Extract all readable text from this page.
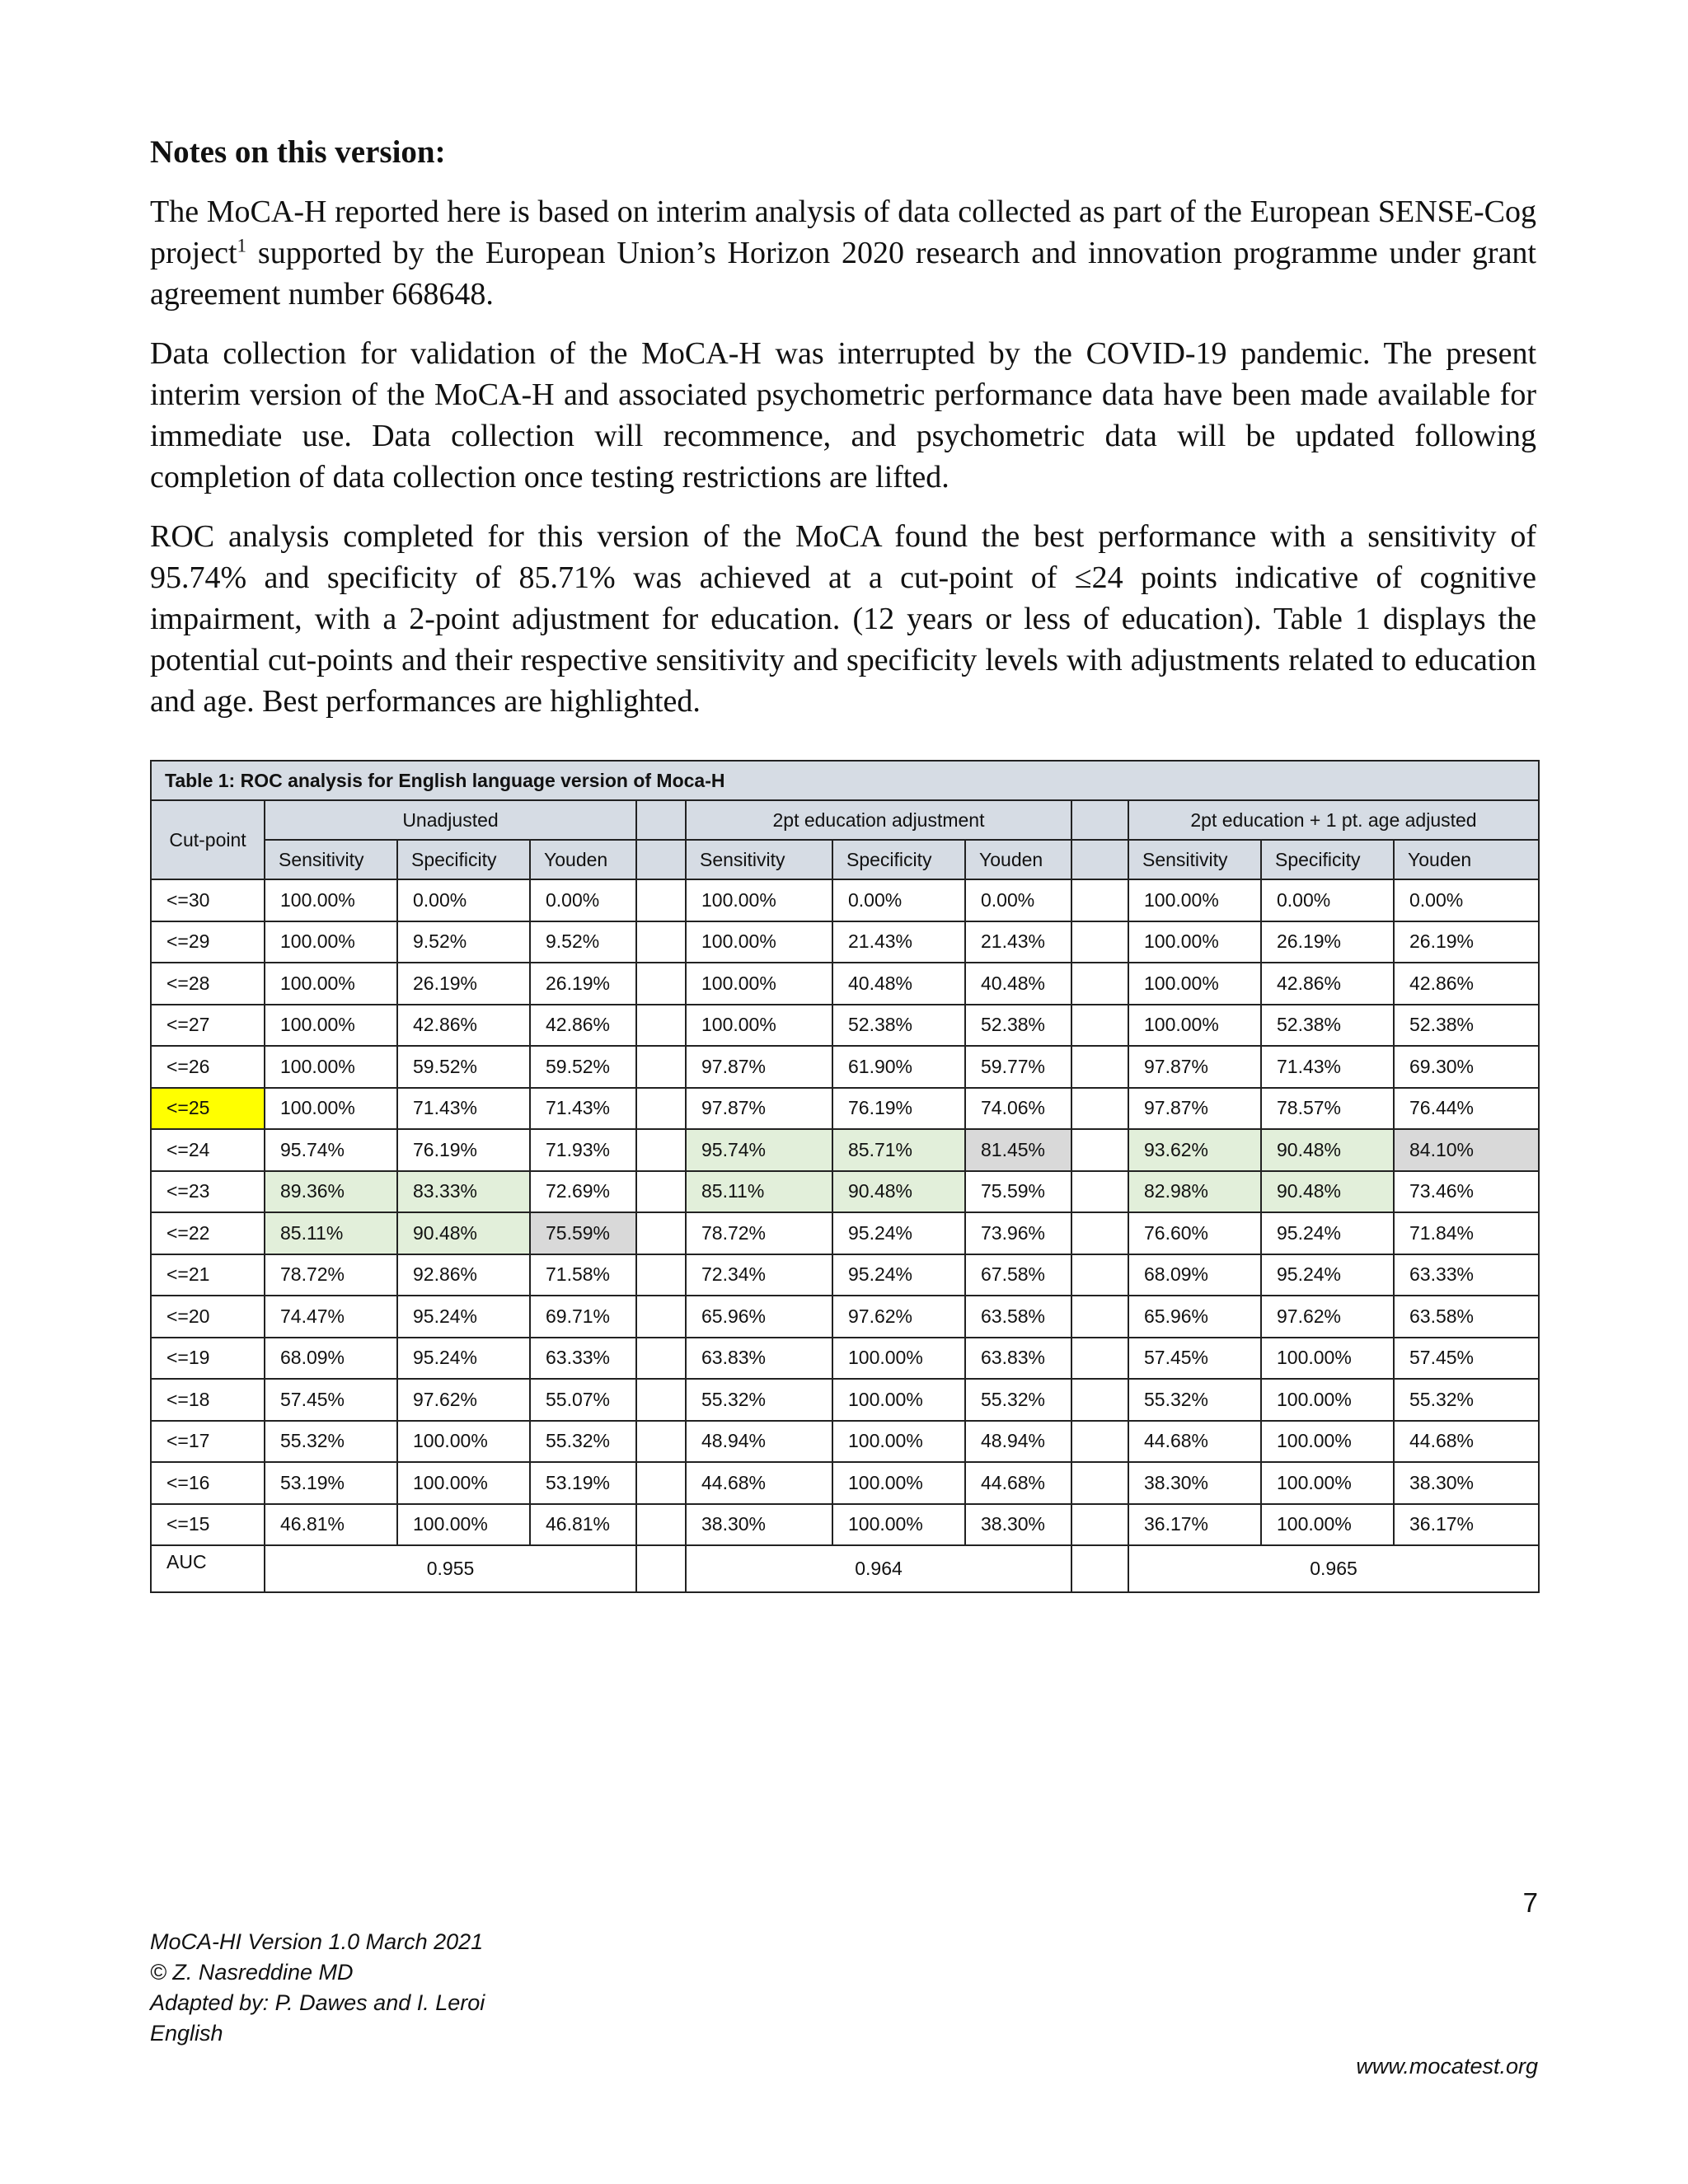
Notes on this version:

The MoCA-H reported here is based on interim analysis of data collected as part of the European SENSE-Cog project$^1$ supported by the European Union’s Horizon 2020 research and innovation programme under grant agreement number 668648.

Data collection for validation of the MoCA-H was interrupted by the COVID-19 pandemic. The present interim version of the MoCA-H and associated psychometric performance data have been made available for immediate use. Data collection will recommence, and psychometric data will be updated following completion of data collection once testing restrictions are lifted.

ROC analysis completed for this version of the MoCA found the best performance with a sensitivity of 95.74% and specificity of 85.71% was achieved at a cut-point of ≤24 points indicative of cognitive impairment, with a 2-point adjustment for education. (12 years or less of education). Table 1 displays the potential cut-points and their respective sensitivity and specificity levels with adjustments related to education and age. Best performances are highlighted.

Table 1: ROC analysis for English language version of Moca-H											
Cut-point	Unadjusted				2pt education adjustment				2pt education + 1 pt. age adjusted		
	Sensitivity	Specificity	Youden		Sensitivity	Specificity	Youden		Sensitivity	Specificity	Youden
<=30	100.00%	0.00%	0.00%		100.00%	0.00%	0.00%		100.00%	0.00%	0.00%
<=29	100.00%	9.52%	9.52%		100.00%	21.43%	21.43%		100.00%	26.19%	26.19%
<=28	100.00%	26.19%	26.19%		100.00%	40.48%	40.48%		100.00%	42.86%	42.86%
<=27	100.00%	42.86%	42.86%		100.00%	52.38%	52.38%		100.00%	52.38%	52.38%
<=26	100.00%	59.52%	59.52%		97.87%	61.90%	59.77%		97.87%	71.43%	69.30%
<=25	100.00%	71.43%	71.43%		97.87%	76.19%	74.06%		97.87%	78.57%	76.44%
<=24	95.74%	76.19%	71.93%		95.74%	85.71%	81.45%		93.62%	90.48%	84.10%
<=23	89.36%	83.33%	72.69%		85.11%	90.48%	75.59%		82.98%	90.48%	73.46%
<=22	85.11%	90.48%	75.59%		78.72%	95.24%	73.96%		76.60%	95.24%	71.84%
<=21	78.72%	92.86%	71.58%		72.34%	95.24%	67.58%		68.09%	95.24%	63.33%
<=20	74.47%	95.24%	69.71%		65.96%	97.62%	63.58%		65.96%	97.62%	63.58%
<=19	68.09%	95.24%	63.33%		63.83%	100.00%	63.83%		57.45%	100.00%	57.45%
<=18	57.45%	97.62%	55.07%		55.32%	100.00%	55.32%		55.32%	100.00%	55.32%
<=17	55.32%	100.00%	55.32%		48.94%	100.00%	48.94%		44.68%	100.00%	44.68%
<=16	53.19%	100.00%	53.19%		44.68%	100.00%	44.68%		38.30%	100.00%	38.30%
<=15	46.81%	100.00%	46.81%		38.30%	100.00%	38.30%		36.17%	100.00%	36.17%
AUC	0.955				0.964				0.965		
7
MoCA-HI Version 1.0 March 2021
© Z. Nasreddine MD
Adapted by: P. Dawes and I. Leroi
English
www.mocatest.org
